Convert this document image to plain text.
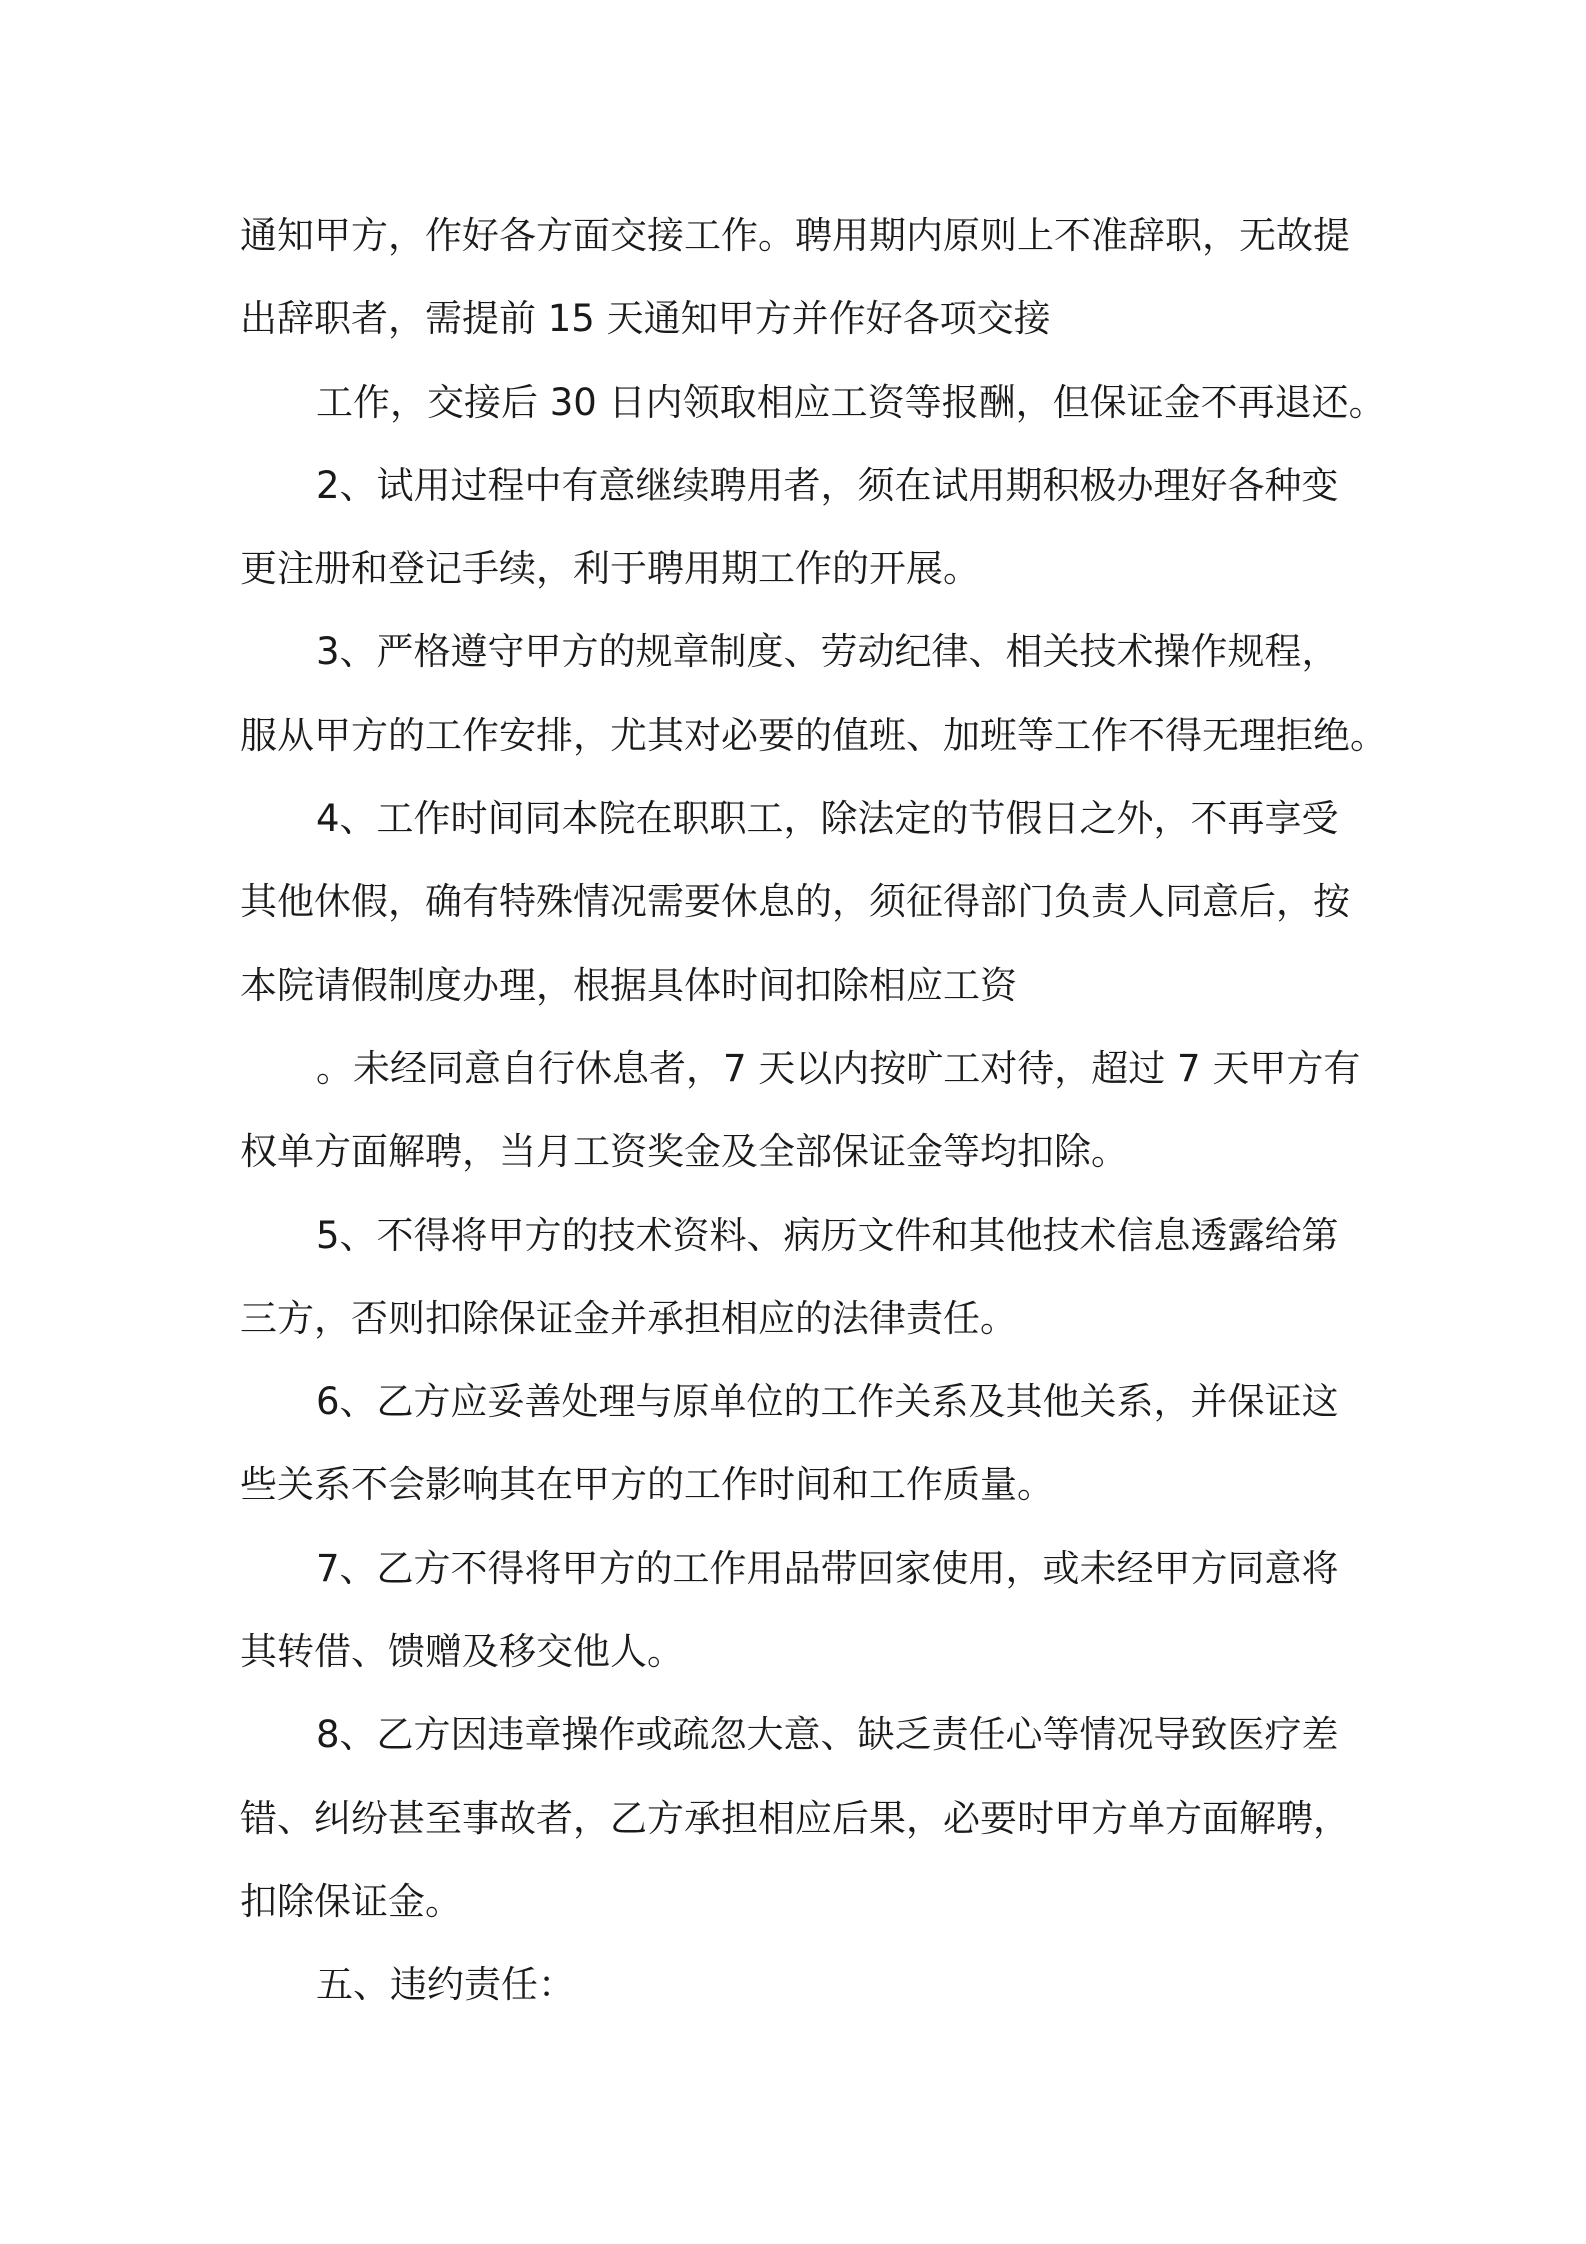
通知甲方，作好各方面交接工作。聘用期内原则上不准辞职，无故提
出辞职者，需提前 15 天通知甲方并作好各项交接
工作，交接后 30 日内领取相应工资等报酬，但保证金不再退还。
2、试用过程中有意继续聘用者，须在试用期积极办理好各种变
更注册和登记手续，利于聘用期工作的开展。
3、严格遵守甲方的规章制度、劳动纪律、相关技术操作规程，
服从甲方的工作安排，尤其对必要的值班、加班等工作不得无理拒绝。
4、工作时间同本院在职职工，除法定的节假日之外，不再享受
其他休假，确有特殊情况需要休息的，须征得部门负责人同意后，按
本院请假制度办理，根据具体时间扣除相应工资
。未经同意自行休息者，7 天以内按旷工对待，超过 7 天甲方有
权单方面解聘，当月工资奖金及全部保证金等均扣除。
5、不得将甲方的技术资料、病历文件和其他技术信息透露给第
三方，否则扣除保证金并承担相应的法律责任。
6、乙方应妥善处理与原单位的工作关系及其他关系，并保证这
些关系不会影响其在甲方的工作时间和工作质量。
7、乙方不得将甲方的工作用品带回家使用，或未经甲方同意将
其转借、馈赠及移交他人。
8、乙方因违章操作或疏忽大意、缺乏责任心等情况导致医疗差
错、纠纷甚至事故者，乙方承担相应后果，必要时甲方单方面解聘，
扣除保证金。
五、违约责任：
